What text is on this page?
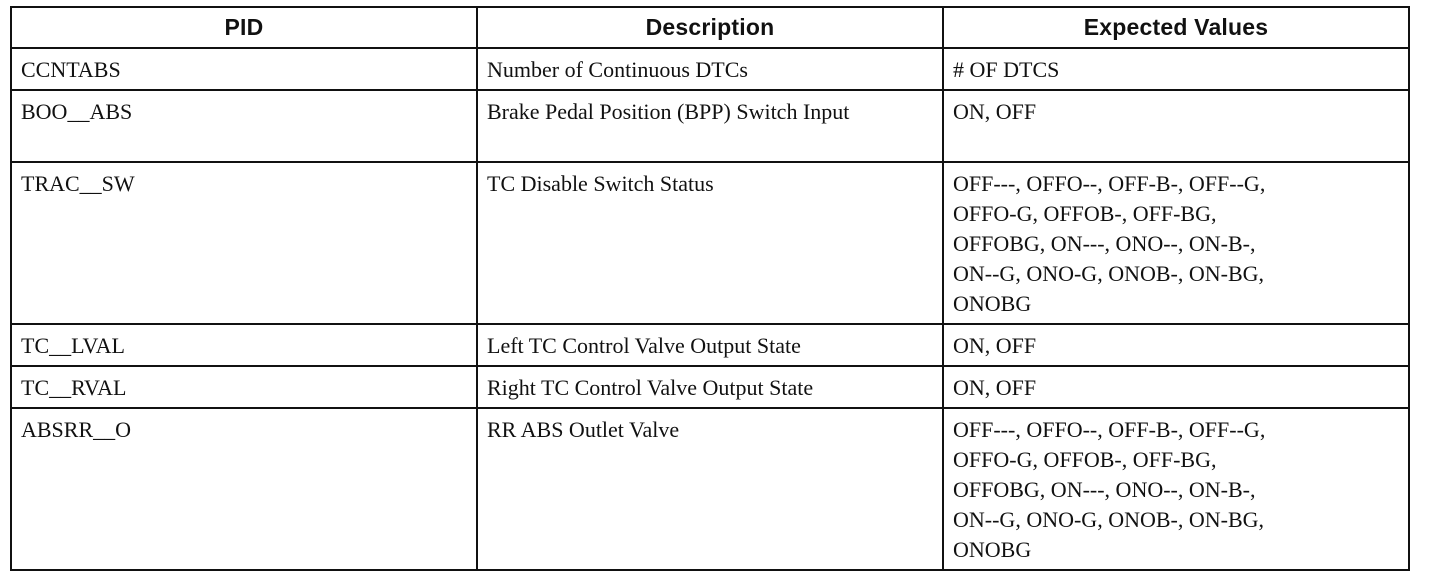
PID	Description	Expected Values
CCNTABS	Number of Continuous DTCs	# OF DTCS

BOO__ABS	Brake Pedal Position (BPP) Switch Input	ON, OFF

TRAC__SW	TC Disable Switch Status	OFF---, OFFO--, OFF-B-, OFF--G,
OFFO-G, OFFOB-, OFF-BG,
OFFOBG, ON---, ONO--, ON-B-,
ON--G, ONO-G, ONOB-, ON-BG,
ONOBG

TC__LVAL	Left TC Control Valve Output State	ON, OFF

TC__RVAL	Right TC Control Valve Output State	ON, OFF

ABSRR__O	RR ABS Outlet Valve	OFF---, OFFO--, OFF-B-, OFF--G,
OFFO-G, OFFOB-, OFF-BG,
OFFOBG, ON---, ONO--, ON-B-,
ON--G, ONO-G, ONOB-, ON-BG,
ONOBG
